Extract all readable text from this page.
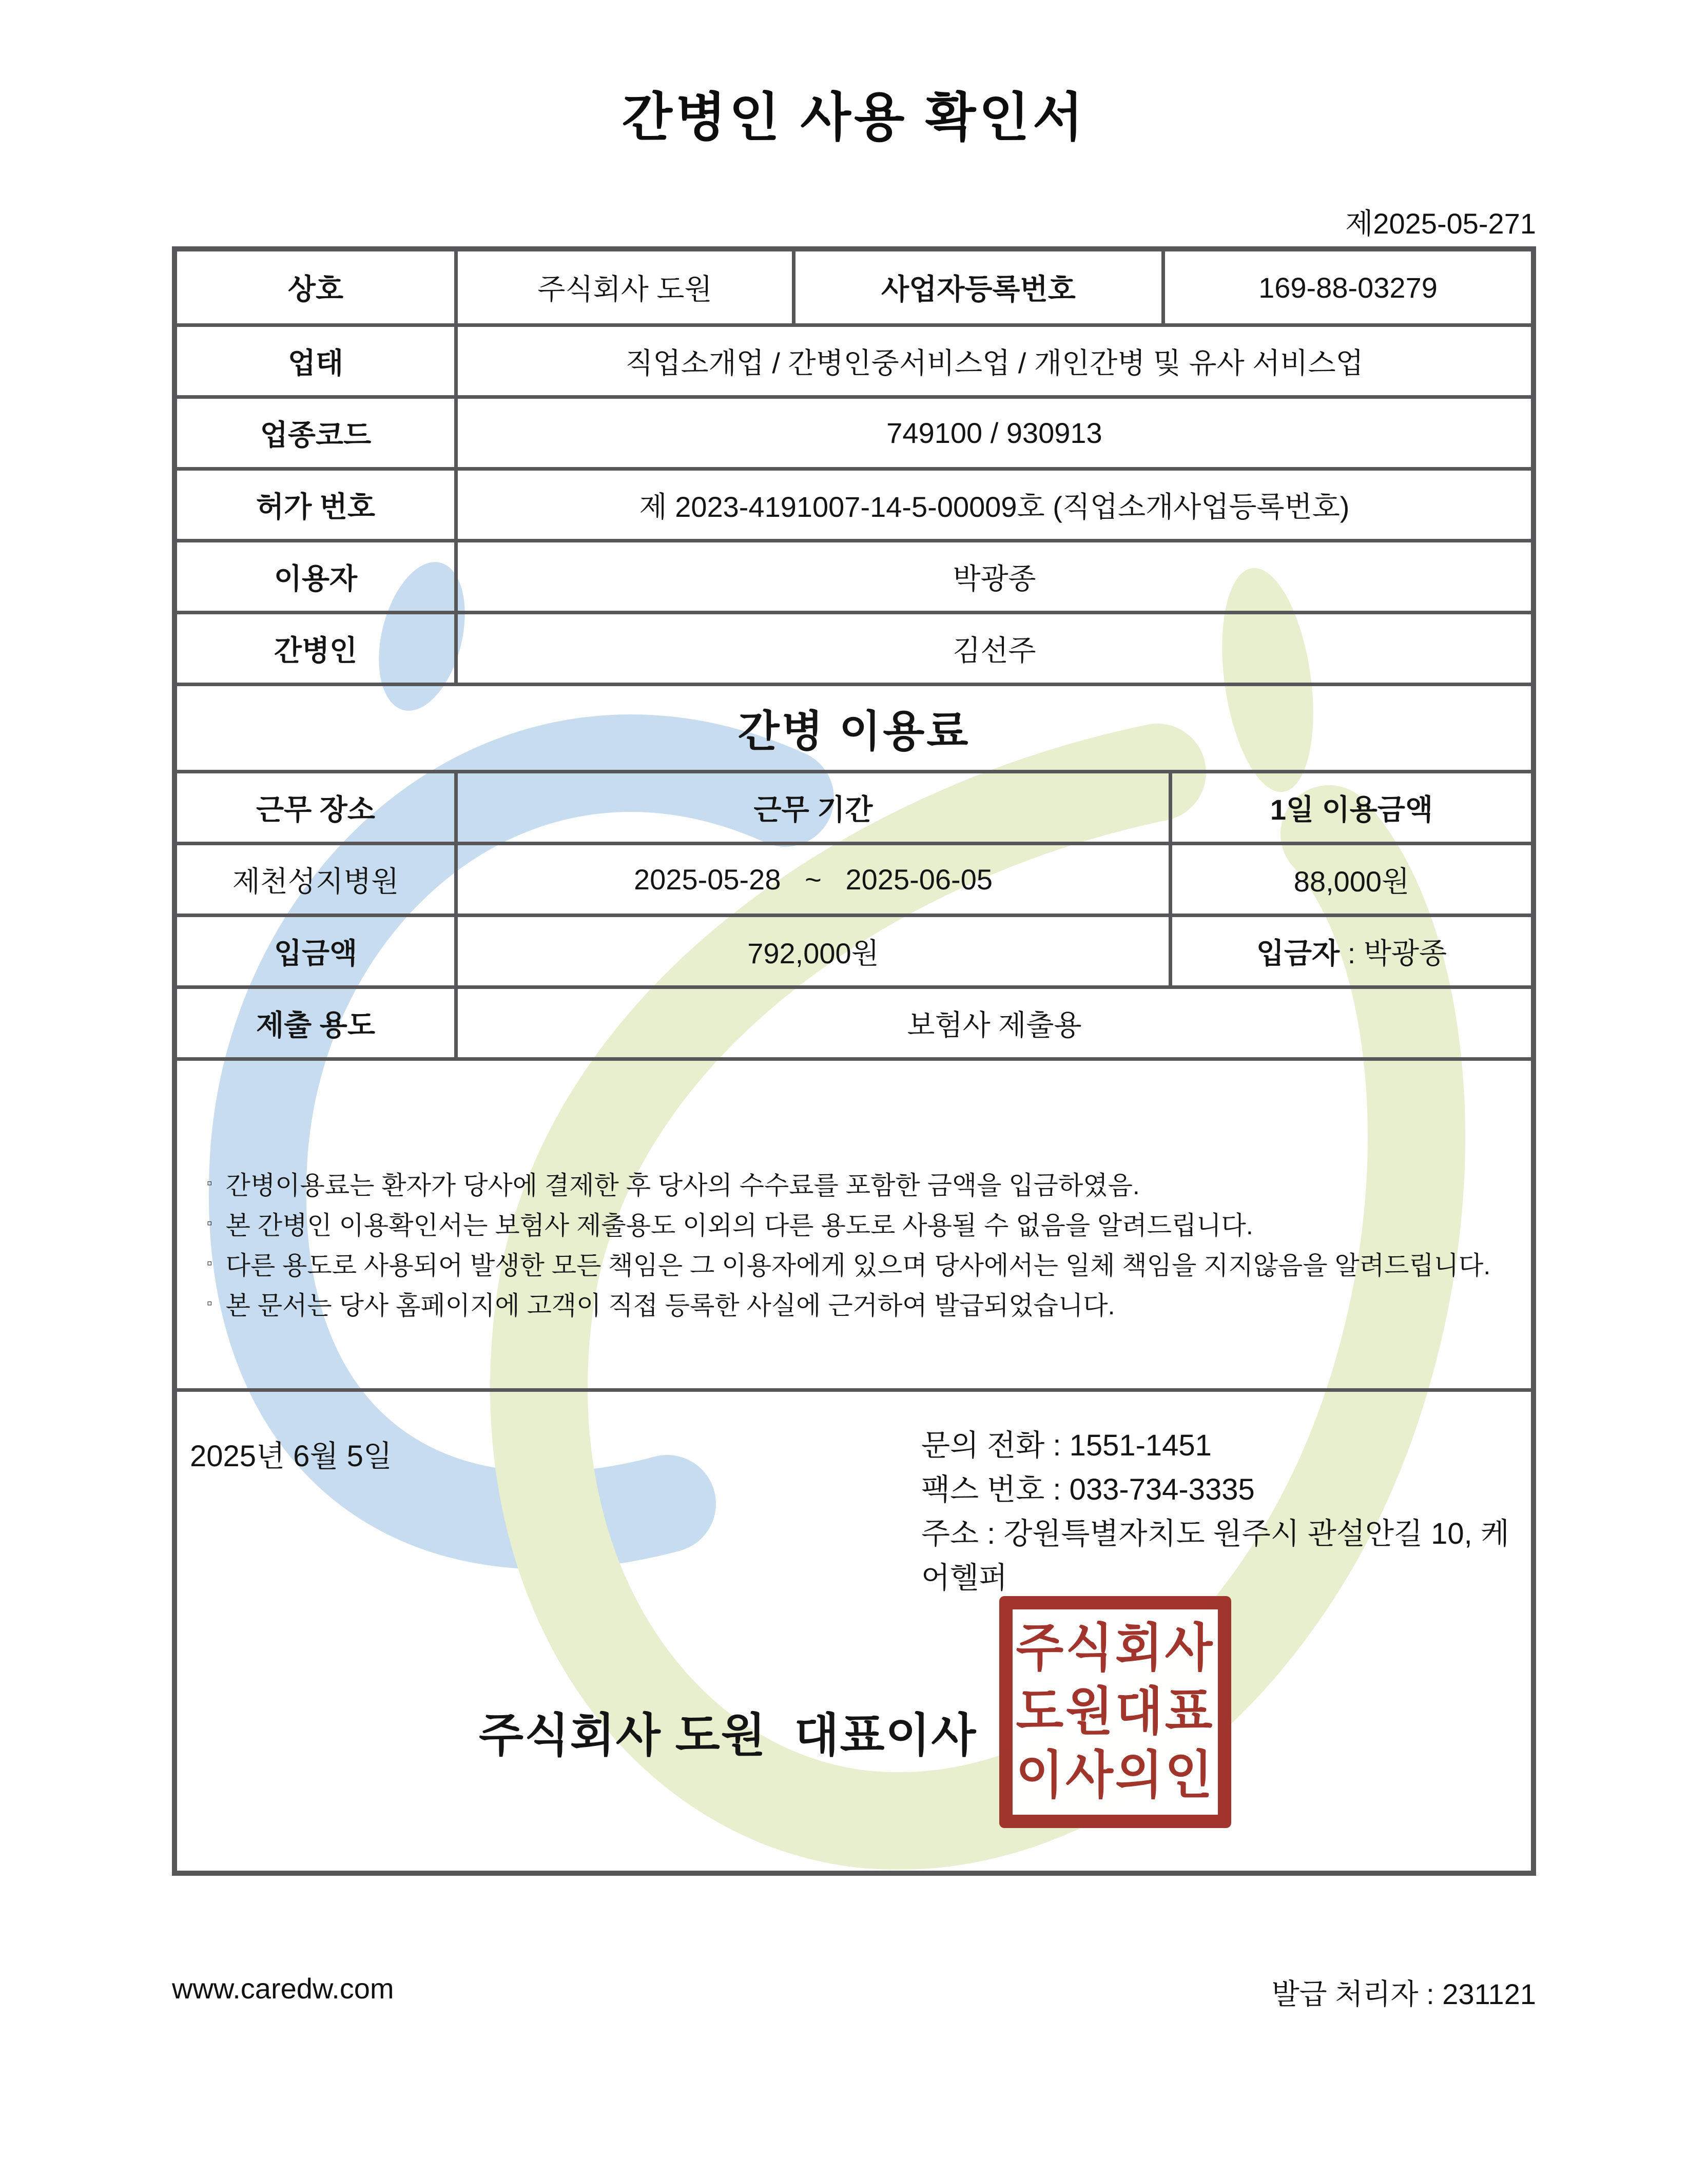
간병인 사용 확인서
제2025-05-271
상호	주식회사 도원	사업자등록번호	169-88-03279
업태	직업소개업 / 간병인중서비스업 / 개인간병 및 유사 서비스업
업종코드	749100 / 930913
허가 번호	제 2023-4191007-14-5-00009호 (직업소개사업등록번호)
이용자	박광종
간병인	김선주
간병 이용료
근무 장소	근무 기간	1일 이용금액
제천성지병원	2025-05-28   ~   2025-06-05	88,000원
입금액	792,000원	입금자 : 박광종
제출 용도	보험사 제출용
▫ 간병이용료는 환자가 당사에 결제한 후 당사의 수수료를 포함한 금액을 입금하였음.
▫ 본 간병인 이용확인서는 보험사 제출용도 이외의 다른 용도로 사용될 수 없음을 알려드립니다.
▫ 다른 용도로 사용되어 발생한 모든 책임은 그 이용자에게 있으며 당사에서는 일체 책임을 지지않음을 알려드립니다.
▫ 본 문서는 당사 홈페이지에 고객이 직접 등록한 사실에 근거하여 발급되었습니다.
2025년 6월 5일	문의 전화 : 1551-1451
팩스 번호 : 033-734-3335
주소 : 강원특별자치도 원주시 관설안길 10, 케어헬퍼
주식회사 도원  대표이사
주식회사
도원대표
이사의인
www.caredw.com	발급 처리자 : 231121
